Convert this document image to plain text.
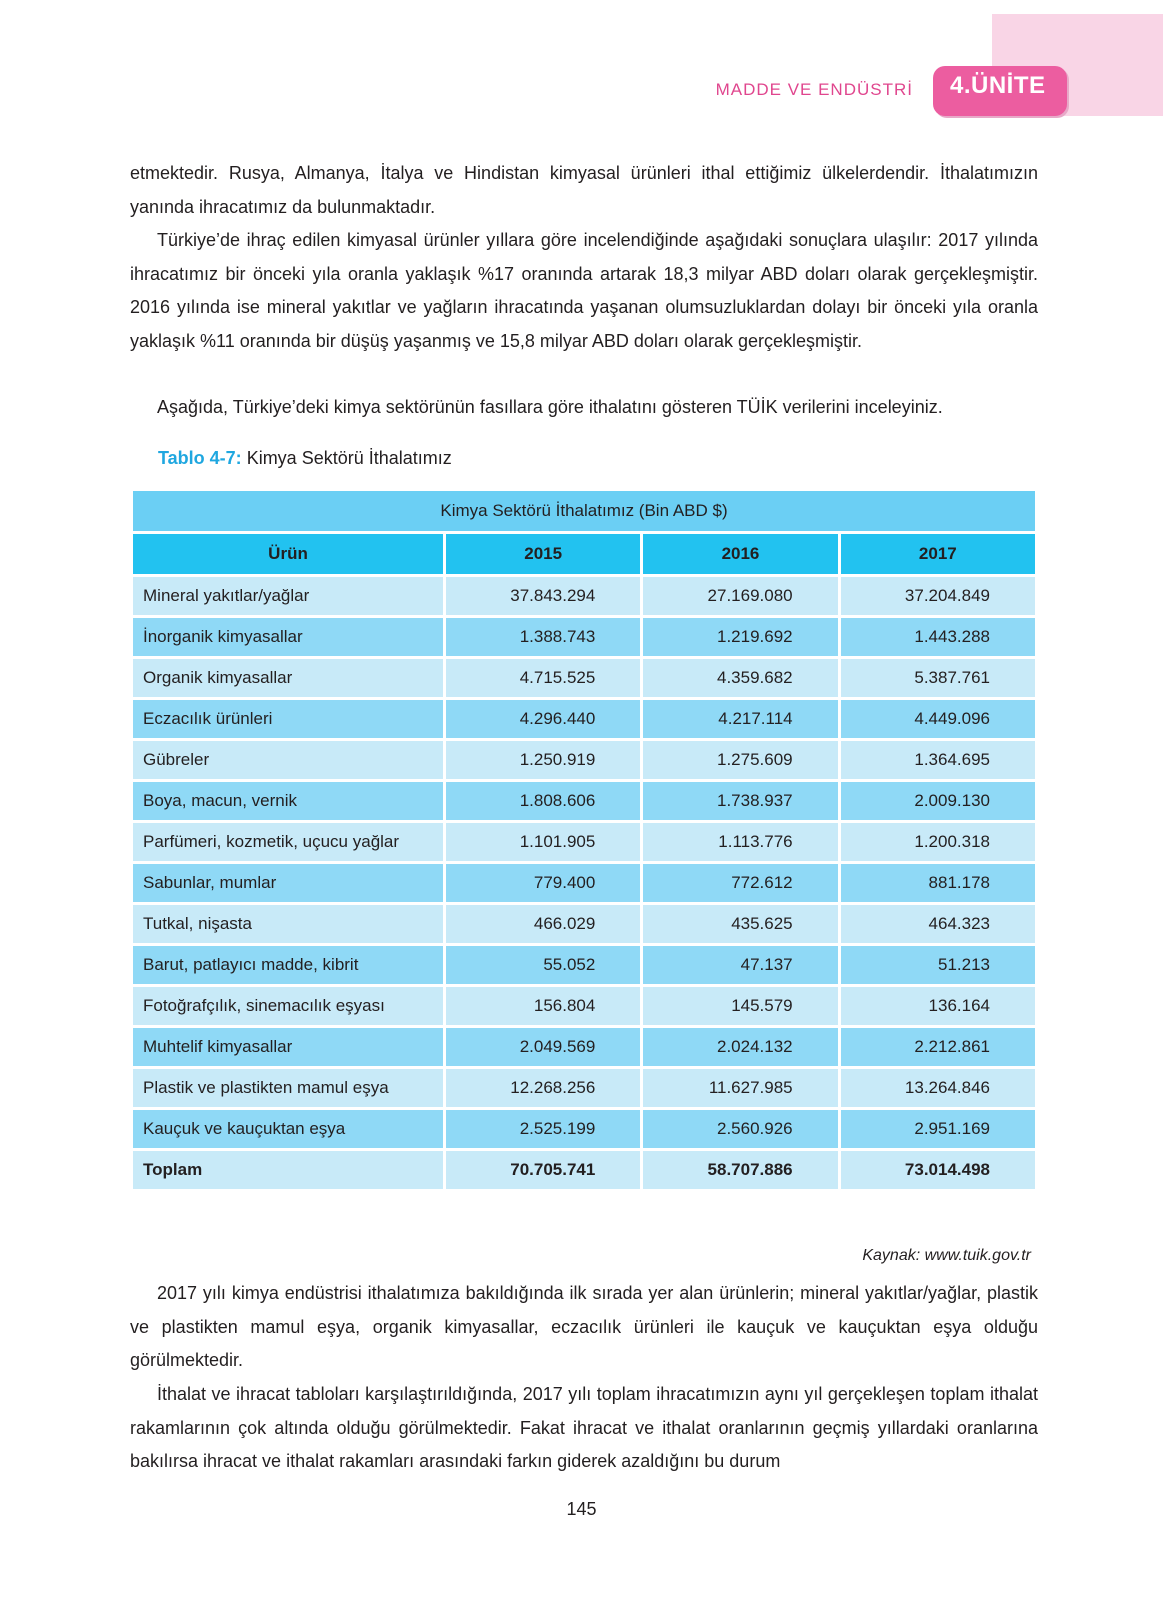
MADDE VE ENDÜSTRİ 4.ÜNİTE

etmektedir. Rusya, Almanya, İtalya ve Hindistan kimyasal ürünleri ithal ettiğimiz ülkelerdendir. İthalatımızın yanında ihracatımız da bulunmaktadır.

Türkiye’de ihraç edilen kimyasal ürünler yıllara göre incelendiğinde aşağıdaki sonuçlara ulaşılır: 2017 yılında ihracatımız bir önceki yıla oranla yaklaşık %17 oranında artarak 18,3 milyar ABD doları olarak gerçekleşmiştir. 2016 yılında ise mineral yakıtlar ve yağların ihracatında yaşanan olumsuzluklardan dolayı bir önceki yıla oranla yaklaşık %11 oranında bir düşüş yaşanmış ve 15,8 milyar ABD doları olarak gerçekleşmiştir.

Aşağıda, Türkiye’deki kimya sektörünün fasıllara göre ithalatını gösteren TÜİK verilerini inceleyiniz.

Tablo 4-7: Kimya Sektörü İthalatımız
Kimya Sektörü İthalatımız (Bin ABD $)			
Ürün	2015	2016	2017
Mineral yakıtlar/yağlar	37.843.294	27.169.080	37.204.849
İnorganik kimyasallar	1.388.743	1.219.692	1.443.288
Organik kimyasallar	4.715.525	4.359.682	5.387.761
Eczacılık ürünleri	4.296.440	4.217.114	4.449.096
Gübreler	1.250.919	1.275.609	1.364.695
Boya, macun, vernik	1.808.606	1.738.937	2.009.130
Parfümeri, kozmetik, uçucu yağlar	1.101.905	1.113.776	1.200.318
Sabunlar, mumlar	779.400	772.612	881.178
Tutkal, nişasta	466.029	435.625	464.323
Barut, patlayıcı madde, kibrit	55.052	47.137	51.213
Fotoğrafçılık, sinemacılık eşyası	156.804	145.579	136.164
Muhtelif kimyasallar	2.049.569	2.024.132	2.212.861
Plastik ve plastikten mamul eşya	12.268.256	11.627.985	13.264.846
Kauçuk ve kauçuktan eşya	2.525.199	2.560.926	2.951.169
Toplam	70.705.741	58.707.886	73.014.498
Kaynak: www.tuik.gov.tr

2017 yılı kimya endüstrisi ithalatımıza bakıldığında ilk sırada yer alan ürünlerin; mineral yakıtlar/yağlar, plastik ve plastikten mamul eşya, organik kimyasallar, eczacılık ürünleri ile kauçuk ve kauçuktan eşya olduğu görülmektedir.

İthalat ve ihracat tabloları karşılaştırıldığında, 2017 yılı toplam ihracatımızın aynı yıl gerçekleşen toplam ithalat rakamlarının çok altında olduğu görülmektedir. Fakat ihracat ve ithalat oranlarının geçmiş yıllardaki oranlarına bakılırsa ihracat ve ithalat rakamları arasındaki farkın giderek azaldığını bu durum

145
